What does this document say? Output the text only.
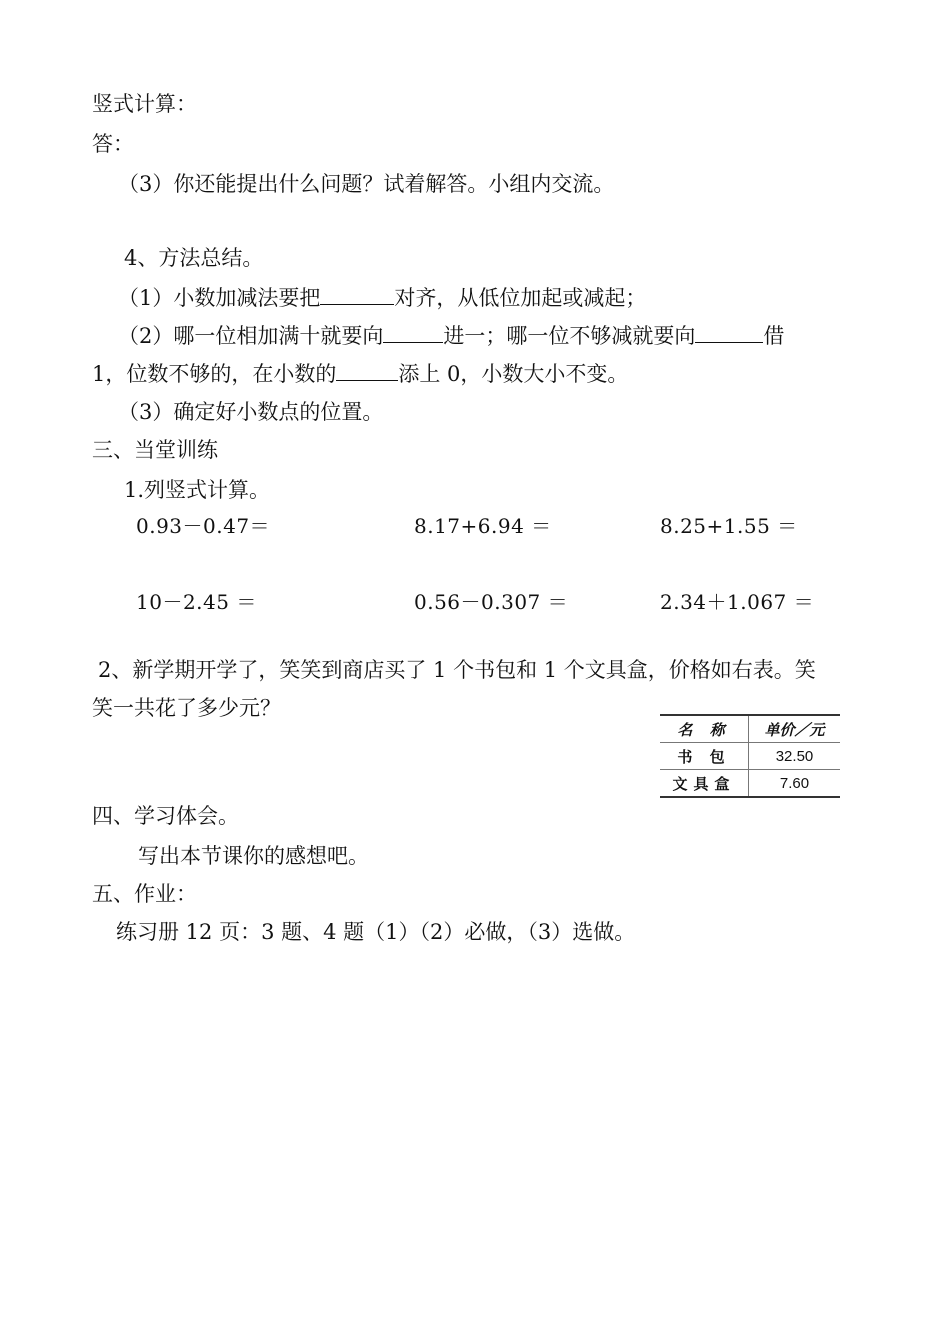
竖式计算：
答：
（3）你还能提出什么问题？试着解答。小组内交流。
4、方法总结。
（1）小数加减法要把	对齐，从低位加起或减起；
（2）哪一位相加满十就要向	进一；哪一位不够减就要向	借
1，位数不够的，在小数的	添上 0，小数大小不变。
（3）确定好小数点的位置。
三、当堂训练
1.列竖式计算。
0.93－0.47＝	8.17+6.94 ＝	8.25+1.55 ＝
10－2.45 ＝	0.56－0.307 ＝	2.34＋1.067 ＝
2、新学期开学了，笑笑到商店买了 1 个书包和 1 个文具盒，价格如右表。笑
笑一共花了多少元？
名 称	单价／元
书 包	32.50
文具盒	7.60
四、学习体会。
写出本节课你的感想吧。
五、作业：
练习册 12 页：3 题、4 题（1）（2）必做，（3）选做。
